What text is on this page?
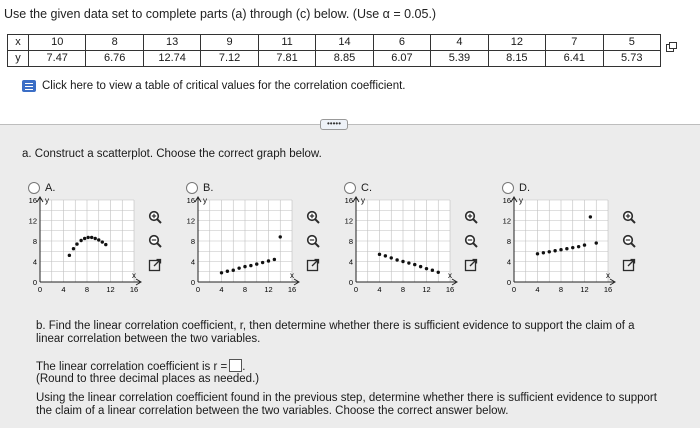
Use the given data set to complete parts (a) through (c) below. (Use α = 0.05.)
x	10	8	13	9	11	14	6	4	12	7	5
y	7.47	6.76	12.74	7.12	7.81	8.85	6.07	5.39	8.15	6.41	5.73
Click here to view a table of critical values for the correlation coefficient.
a. Construct a scatterplot. Choose the correct graph below.
A.
y
x
16
12
8
4
0
0	4	8 12 16
B.
y
x
16
12
8
4
0
0	4	8 12 16
C.
y
x
16
12
8
4
0
0	4	8 12 16
D.
y
x
16
12
8
4
0
0	4	8 12 16
b. Find the linear correlation coefficient, r, then determine whether there is sufficient evidence to support the claim of a linear correlation between the two variables.
The linear correlation coefficient is r = .
(Round to three decimal places as needed.)
Using the linear correlation coefficient found in the previous step, determine whether there is sufficient evidence to support the claim of a linear correlation between the two variables. Choose the correct answer below.
•••••
